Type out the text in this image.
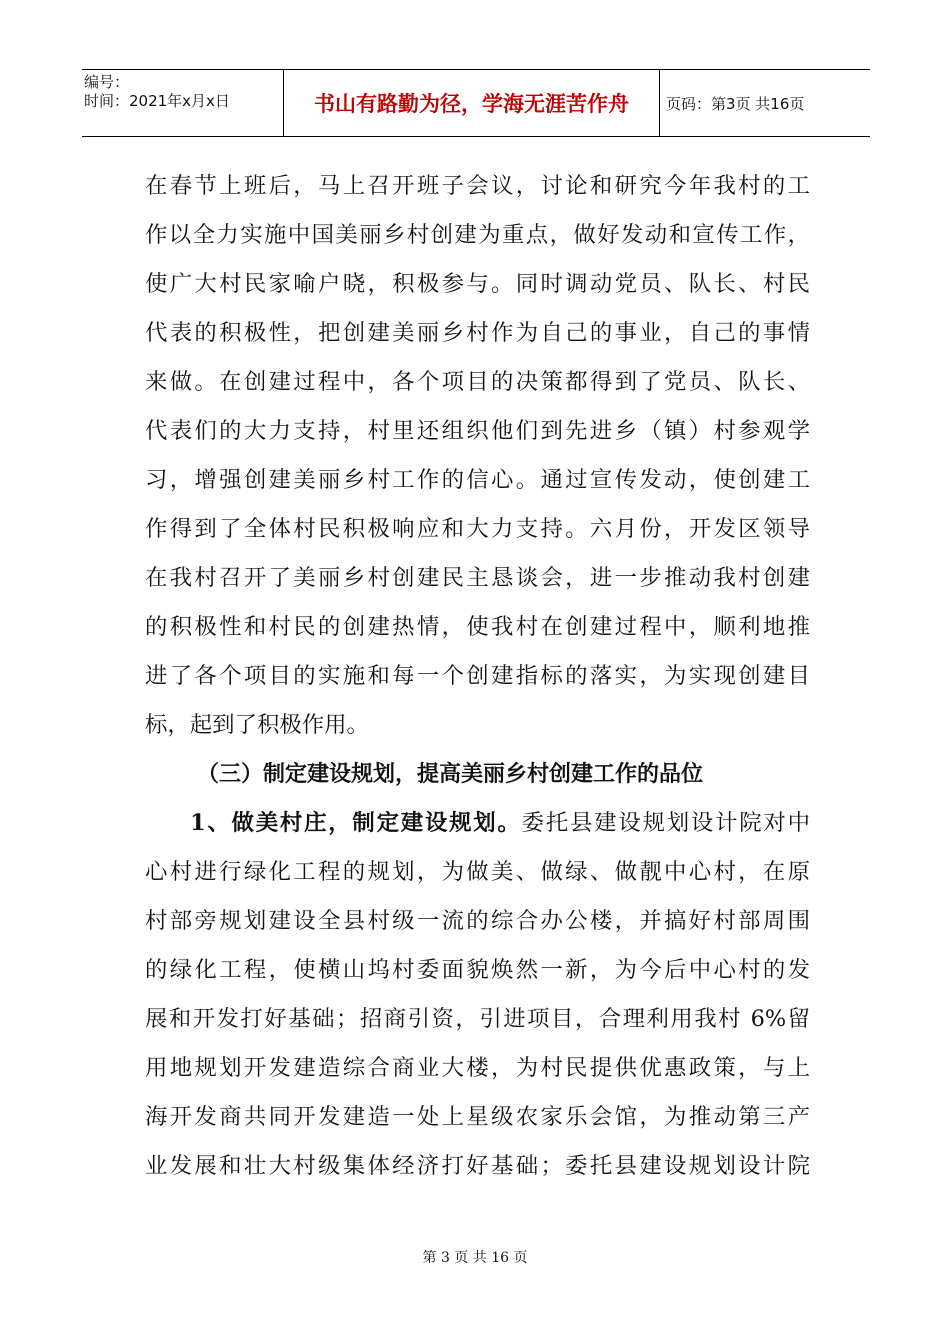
编号：
时间：2021年x月x日	书山有路勤为径，学海无涯苦作舟	页码：第3页 共16页
在春节上班后，马上召开班子会议，讨论和研究今年我村的工
作以全力实施中国美丽乡村创建为重点，做好发动和宣传工作，
使广大村民家喻户晓，积极参与。同时调动党员、队长、村民
代表的积极性，把创建美丽乡村作为自己的事业，自己的事情
来做。在创建过程中，各个项目的决策都得到了党员、队长、
代表们的大力支持，村里还组织他们到先进乡（镇）村参观学
习，增强创建美丽乡村工作的信心。通过宣传发动，使创建工
作得到了全体村民积极响应和大力支持。六月份，开发区领导
在我村召开了美丽乡村创建民主恳谈会，进一步推动我村创建
的积极性和村民的创建热情，使我村在创建过程中，顺利地推
进了各个项目的实施和每一个创建指标的落实，为实现创建目
标，起到了积极作用。
（三）制定建设规划，提高美丽乡村创建工作的品位
1、做美村庄，制定建设规划。委托县建设规划设计院对中
心村进行绿化工程的规划，为做美、做绿、做靓中心村，在原
村部旁规划建设全县村级一流的综合办公楼，并搞好村部周围
的绿化工程，使横山坞村委面貌焕然一新，为今后中心村的发
展和开发打好基础；招商引资，引进项目，合理利用我村 6%留
用地规划开发建造综合商业大楼，为村民提供优惠政策，与上
海开发商共同开发建造一处上星级农家乐会馆，为推动第三产
业发展和壮大村级集体经济打好基础；委托县建设规划设计院
第 3 页 共 16 页
